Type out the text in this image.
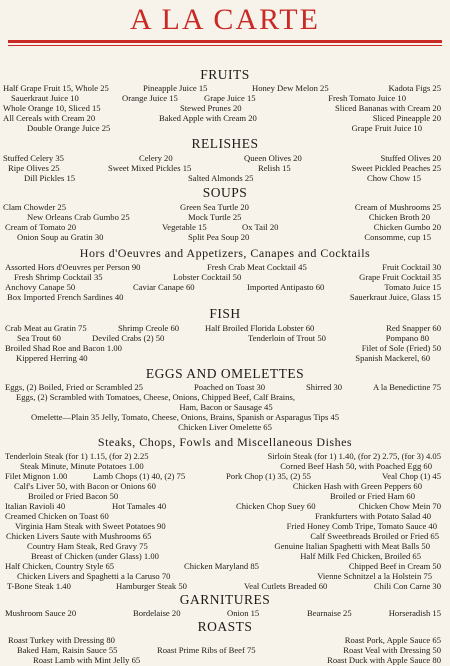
A LA CARTE
FRUITS
Half Grape Fruit 15, Whole 25	Pineapple Juice 15	Honey Dew Melon 25	Kadota Figs 25
Sauerkraut Juice 10	Orange Juice 15	Grape Juice 15	Fresh Tomato Juice 10
Whole Orange 10, Sliced 15	Stewed Prunes 20	Sliced Bananas with Cream 20
All Cereals with Cream 20	Baked Apple with Cream 20	Sliced Pineapple 20
Double Orange Juice 25	Grape Fruit Juice 10
RELISHES
Stuffed Celery 35	Celery 20	Queen Olives 20	Stuffed Olives 20
Ripe Olives 25	Sweet Mixed Pickles 15	Relish 15	Sweet Pickled Peaches 25
Dill Pickles 15	Salted Almonds 25	Chow Chow 15
SOUPS
Clam Chowder 25	Green Sea Turtle 20	Cream of Mushrooms 25
New Orleans Crab Gumbo 25	Mock Turtle 25	Chicken Broth 20
Cream of Tomato 20	Vegetable 15	Ox Tail 20	Chicken Gumbo 20
Onion Soup au Gratin 30	Split Pea Soup 20	Consomme, cup 15
Hors d'Oeuvres and Appetizers, Canapes and Cocktails
Assorted Hors d'Oeuvres per Person 90	Fresh Crab Meat Cocktail 45	Fruit Cocktail 30
Fresh Shrimp Cocktail 35	Lobster Cocktail 50	Grape Fruit Cocktail 35
Anchovy Canape 50	Caviar Canape 60	Imported Antipasto 60	Tomato Juice 15
Box Imported French Sardines 40	Sauerkraut Juice, Glass 15
FISH
Crab Meat au Gratin 75	Shrimp Creole 60	Half Broiled Florida Lobster 60	Red Snapper 60
Sea Trout 60	Deviled Crabs (2) 50	Tenderloin of Trout 50	Pompano 80
Broiled Shad Roe and Bacon 1.00	Filet of Sole (Fried) 50
Kippered Herring 40	Spanish Mackerel, 60
EGGS AND OMELETTES
Eggs, (2) Boiled, Fried or Scrambled 25	Poached on Toast 30	Shirred 30	A la Benedictine 75
Eggs, (2) Scrambled with Tomatoes, Cheese, Onions, Chipped Beef, Calf Brains,
Ham, Bacon or Sausage 45
Omelette—Plain 35 Jelly, Tomato, Cheese, Onions, Brains, Spanish or Asparagus Tips 45
Chicken Liver Omelette 65
Steaks, Chops, Fowls and Miscellaneous Dishes
Tenderloin Steak (for 1) 1.15, (for 2) 2.25	Sirloin Steak (for 1) 1.40, (for 2) 2.75, (for 3) 4.05
Steak Minute, Minute Potatoes 1.00	Corned Beef Hash 50, with Poached Egg 60
Filet Mignon 1.00	Lamb Chops (1) 40, (2) 75	Pork Chop (1) 35, (2) 55	Veal Chop (1) 45
Calf's Liver 50, with Bacon or Onions 60	Chicken Hash with Green Peppers 60
Broiled or Fried Bacon 50	Broiled or Fried Ham 60
Italian Ravioli 40	Hot Tamales 40	Chicken Chop Suey 60	Chicken Chow Mein 70
Creamed Chicken on Toast 60	Frankfurters with Potato Salad 40
Virginia Ham Steak with Sweet Potatoes 90	Fried Honey Comb Tripe, Tomato Sauce 40
Chicken Livers Saute with Mushrooms 65	Calf Sweetbreads Broiled or Fried 65
Country Ham Steak, Red Gravy 75	Genuine Italian Spaghetti with Meat Balls 50
Breast of Chicken (under Glass) 1.00	Half Milk Fed Chicken, Broiled 65
Half Chicken, Country Style 65	Chicken Maryland 85	Chipped Beef in Cream 50
Chicken Livers and Spaghetti a la Caruso 70	Vienne Schnitzel a la Holstein 75
T-Bone Steak 1.40	Hamburger Steak 50	Veal Cutlets Breaded 60	Chili Con Carne 30
GARNITURES
Mushroom Sauce 20	Bordelaise 20	Onion 15	Bearnaise 25	Horseradish 15
ROASTS
Roast Turkey with Dressing 80	Roast Pork, Apple Sauce 65
Baked Ham, Raisin Sauce 55	Roast Prime Ribs of Beef 75	Roast Veal with Dressing 50
Roast Lamb with Mint Jelly 65	Roast Duck with Apple Sauce 80
